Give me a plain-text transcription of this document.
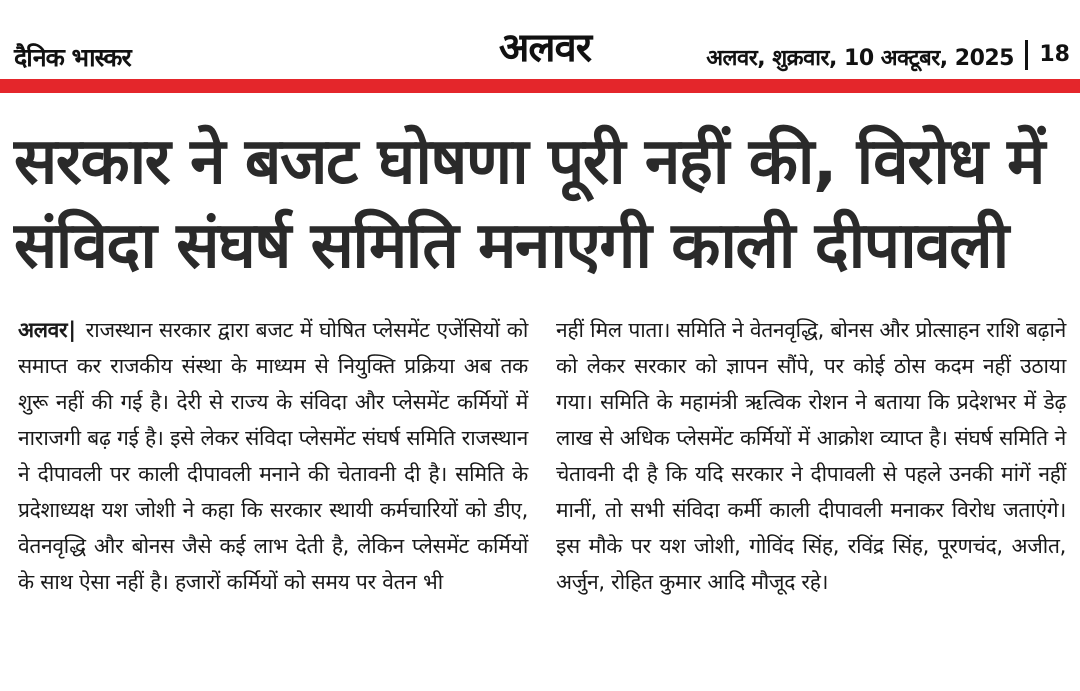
दैनिक भास्कर	अलवर	अलवर, शुक्रवार, 10 अक्टूबर, 2025 18
सरकार ने बजट घोषणा पूरी नहीं की, विरोध में
संविदा संघर्ष समिति मनाएगी काली दीपावली

अलवर| राजस्थान सरकार द्वारा बजट में घोषित प्लेसमेंट एजेंसियों को समाप्त कर राजकीय संस्था के माध्यम से नियुक्ति प्रक्रिया अब तक शुरू नहीं की गई है। देरी से राज्य के संविदा और प्लेसमेंट कर्मियों में नाराजगी बढ़ गई है। इसे लेकर संविदा प्लेसमेंट संघर्ष समिति राजस्थान ने दीपावली पर काली दीपावली मनाने की चेतावनी दी है। समिति के प्रदेशाध्यक्ष यश जोशी ने कहा कि सरकार स्थायी कर्मचारियों को डीए, वेतनवृद्धि और बोनस जैसे कई लाभ देती है, लेकिन प्लेसमेंट कर्मियों के साथ ऐसा नहीं है। हजारों कर्मियों को समय पर वेतन भी

नहीं मिल पाता। समिति ने वेतनवृद्धि, बोनस और प्रोत्साहन राशि बढ़ाने को लेकर सरकार को ज्ञापन सौंपे, पर कोई ठोस कदम नहीं उठाया गया। समिति के महामंत्री ऋत्विक रोशन ने बताया कि प्रदेशभर में डेढ़ लाख से अधिक प्लेसमेंट कर्मियों में आक्रोश व्याप्त है। संघर्ष समिति ने चेतावनी दी है कि यदि सरकार ने दीपावली से पहले उनकी मांगें नहीं मानीं, तो सभी संविदा कर्मी काली दीपावली मनाकर विरोध जताएंगे। इस मौके पर यश जोशी, गोविंद सिंह, रविंद्र सिंह, पूरणचंद, अजीत, अर्जुन, रोहित कुमार आदि मौजूद रहे।
